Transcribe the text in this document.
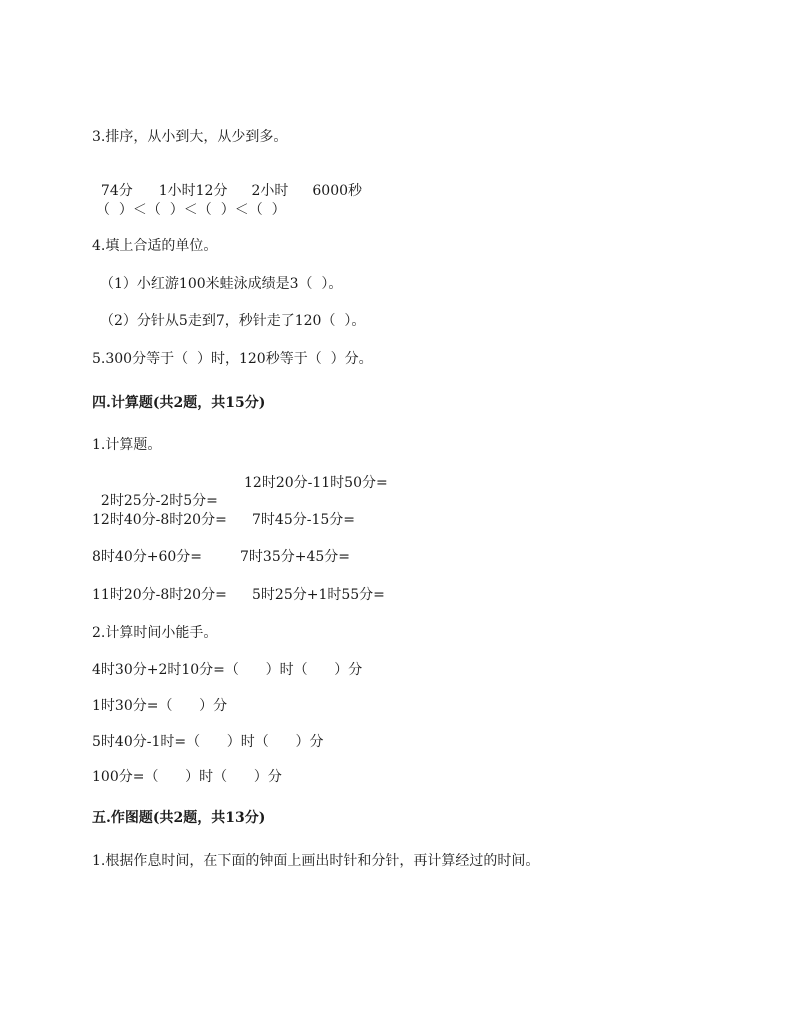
3.排序，从小到大，从少到多。

74分 1小时12分 2小时 6000秒

（  ）＜（  ）＜（  ）＜（  ）
4.填上合适的单位。
（1）小红游100米蛙泳成绩是3（  ）。
（2）分针从5走到7，秒针走了120（  ）。
5.300分等于（  ）时，120秒等于（  ）分。
四.计算题(共2题，共15分)
1.计算题。

2时25分-2时5分=

12时20分-11时50分=
12时40分-8时20分= 7时45分-15分=
8时40分+60分=	7时35分+45分=
11时20分-8时20分= 5时25分+1时55分=
2.计算时间小能手。
4时30分+2时10分=（      ）时（      ）分
1时30分=（      ）分
5时40分-1时=（      ）时（      ）分
100分=（      ）时（      ）分
五.作图题(共2题，共13分)
1.根据作息时间，在下面的钟面上画出时针和分针，再计算经过的时间。
